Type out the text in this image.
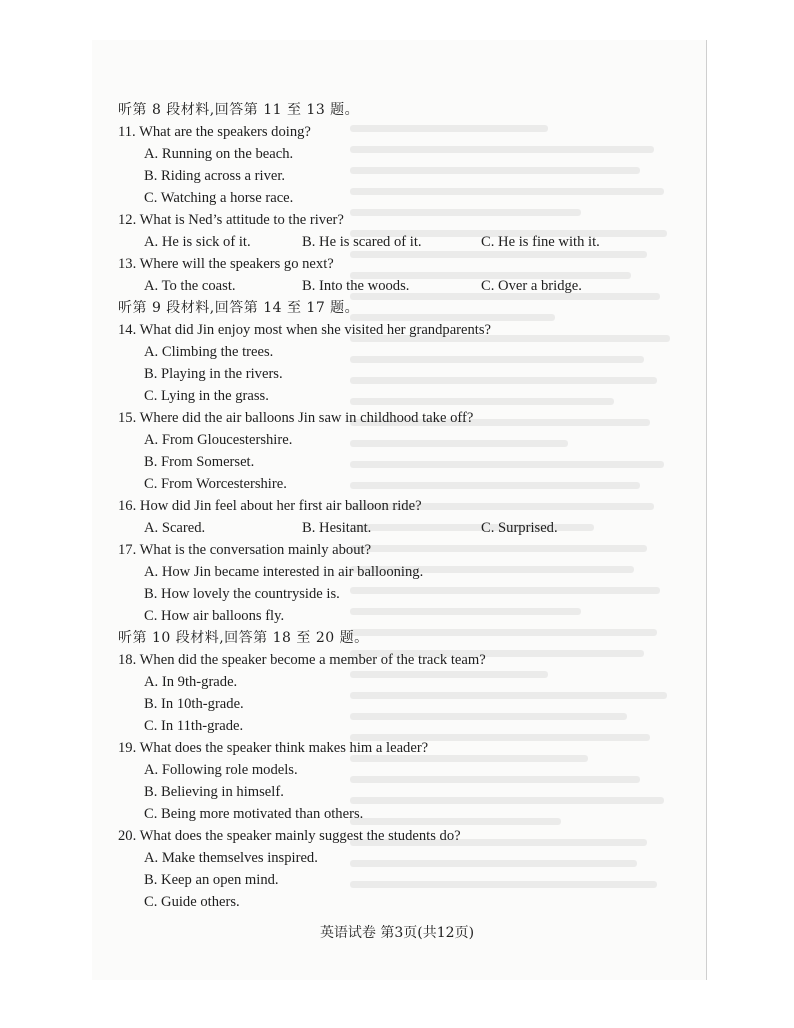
听第 8 段材料,回答第 11 至 13 题。
11. What are the speakers doing?
A. Running on the beach.
B. Riding across a river.
C. Watching a horse race.
12. What is Ned’s attitude to the river?
A. He is sick of it.	B. He is scared of it.	C. He is fine with it.
13. Where will the speakers go next?
A. To the coast.	B. Into the woods.	C. Over a bridge.
听第 9 段材料,回答第 14 至 17 题。
14. What did Jin enjoy most when she visited her grandparents?
A. Climbing the trees.
B. Playing in the rivers.
C. Lying in the grass.
15. Where did the air balloons Jin saw in childhood take off?
A. From Gloucestershire.
B. From Somerset.
C. From Worcestershire.
16. How did Jin feel about her first air balloon ride?
A. Scared.	B. Hesitant.	C. Surprised.
17. What is the conversation mainly about?
A. How Jin became interested in air ballooning.
B. How lovely the countryside is.
C. How air balloons fly.
听第 10 段材料,回答第 18 至 20 题。
18. When did the speaker become a member of the track team?
A. In 9th-grade.
B. In 10th-grade.
C. In 11th-grade.
19. What does the speaker think makes him a leader?
A. Following role models.
B. Believing in himself.
C. Being more motivated than others.
20. What does the speaker mainly suggest the students do?
A. Make themselves inspired.
B. Keep an open mind.
C. Guide others.
英语试卷 第3页(共12页)
